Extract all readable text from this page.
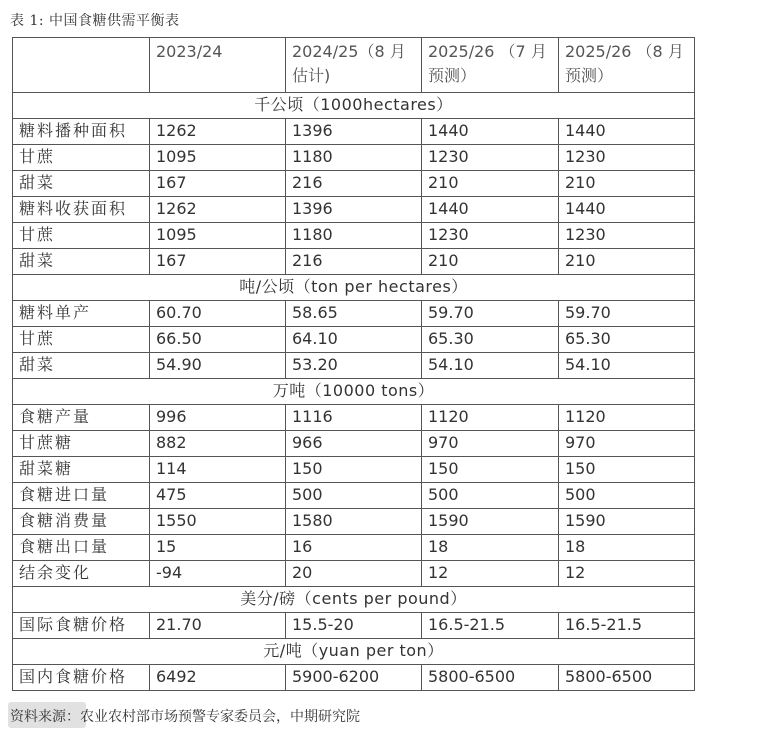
表 1: 中国食糖供需平衡表
	2023/24	2024/25（8 月估计)	2025/26 （7 月预测）	2025/26 （8 月预测）
千公顷（1000hectares）				
糖料播种面积	1262	1396	1440	1440
甘蔗	1095	1180	1230	1230
甜菜	167	216	210	210
糖料收获面积	1262	1396	1440	1440
甘蔗	1095	1180	1230	1230
甜菜	167	216	210	210
吨/公顷（ton per hectares）				
糖料单产	60.70	58.65	59.70	59.70
甘蔗	66.50	64.10	65.30	65.30
甜菜	54.90	53.20	54.10	54.10
万吨（10000 tons）				
食糖产量	996	1116	1120	1120
甘蔗糖	882	966	970	970
甜菜糖	114	150	150	150
食糖进口量	475	500	500	500
食糖消费量	1550	1580	1590	1590
食糖出口量	15	16	18	18
结余变化	-94	20	12	12
美分/磅（cents per pound）				
国际食糖价格	21.70	15.5-20	16.5-21.5	16.5-21.5
元/吨（yuan per ton）				
国内食糖价格	6492	5900-6200	5800-6500	5800-6500
资料来源：农业农村部市场预警专家委员会，中期研究院
